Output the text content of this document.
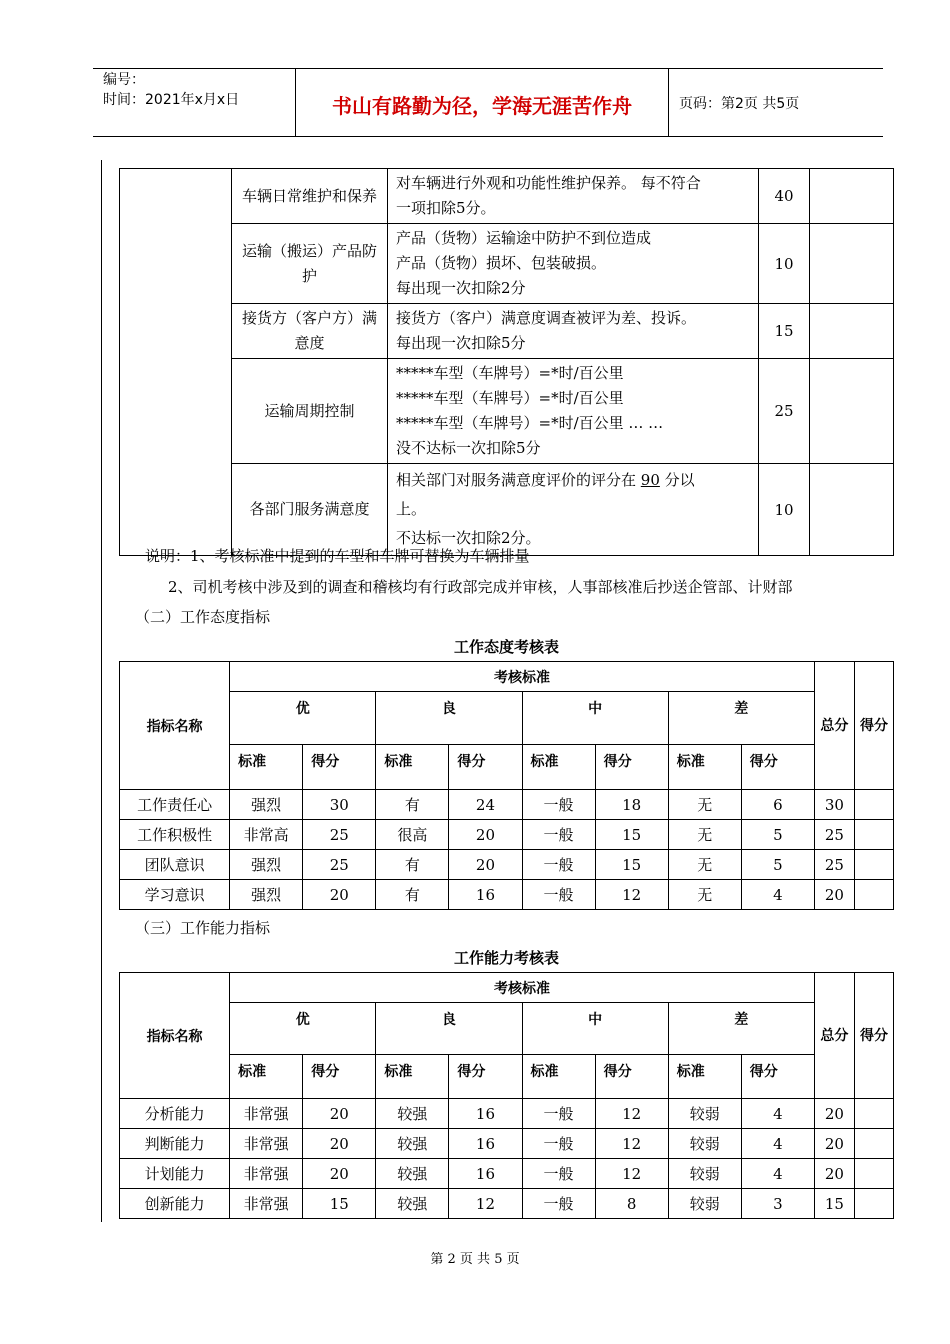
编号：
时间：2021年x月x日	书山有路勤为径，学海无涯苦作舟	页码：第2页 共5页
	车辆日常维护和保养	对车辆进行外观和功能性维护保养。 每不符合
一项扣除5分。	40	
	运输（搬运）产品防护	产品（货物）运输途中防护不到位造成
产品（货物）损坏、包装破损。
每出现一次扣除2分	10	
	接货方（客户方）满意度	接货方（客户）满意度调查被评为差、投诉。
每出现一次扣除5分	15	
	运输周期控制	*****车型（车牌号）=*时/百公里
*****车型（车牌号）=*时/百公里
*****车型（车牌号）=*时/百公里 … …
没不达标一次扣除5分	25	
	各部门服务满意度	相关部门对服务满意度评价的评分在 90 分以
上。
不达标一次扣除2分。	10	
说明：1、考核标准中提到的车型和车牌可替换为车辆排量
2、司机考核中涉及到的调查和稽核均有行政部完成并审核，人事部核准后抄送企管部、计财部
（二）工作态度指标
工作态度考核表
指标名称	考核标准								总分	得分
	优		良		中		差			
	标准	得分	标准	得分	标准	得分	标准	得分		
工作责任心	强烈	30	有	24	一般	18	无	6	30	
工作积极性	非常高	25	很高	20	一般	15	无	5	25	
团队意识	强烈	25	有	20	一般	15	无	5	25	
学习意识	强烈	20	有	16	一般	12	无	4	20	
（三）工作能力指标
工作能力考核表
指标名称	考核标准								总分	得分
	优		良		中		差			
	标准	得分	标准	得分	标准	得分	标准	得分		
分析能力	非常强	20	较强	16	一般	12	较弱	4	20	
判断能力	非常强	20	较强	16	一般	12	较弱	4	20	
计划能力	非常强	20	较强	16	一般	12	较弱	4	20	
创新能力	非常强	15	较强	12	一般	8	较弱	3	15	
第 2 页 共 5 页
